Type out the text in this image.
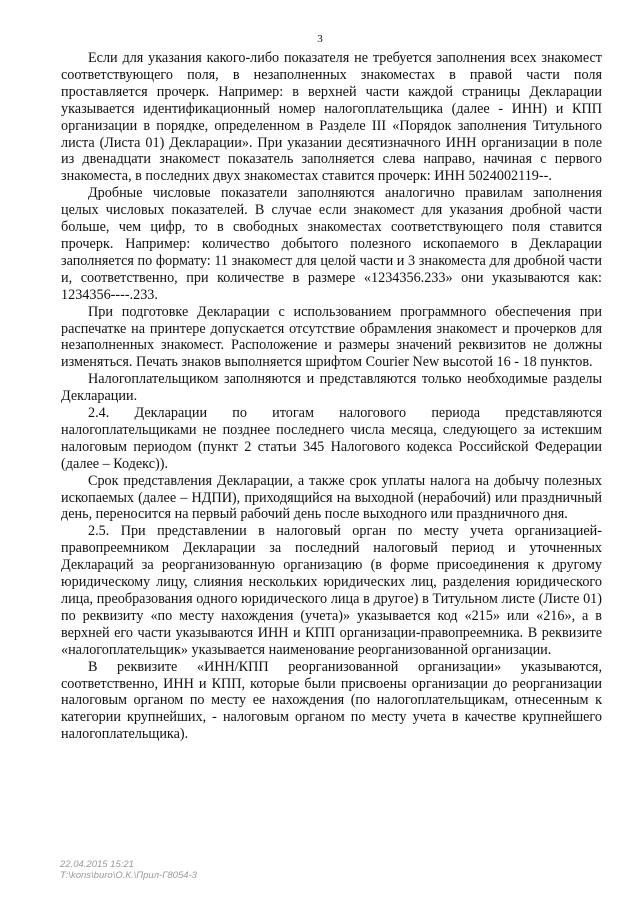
3

Если для указания какого-либо показателя не требуется заполнения всех знакомест соответствующего поля, в незаполненных знакоместах в правой части поля проставляется прочерк. Например: в верхней части каждой страницы Декларации указывается идентификационный номер налогоплательщика (далее - ИНН) и КПП организации в порядке, определенном в Разделе III «Порядок заполнения Титульного листа (Листа 01) Декларации». При указании десятизначного ИНН организации в поле из двенадцати знакомест показатель заполняется слева направо, начиная с первого знакоместа, в последних двух знакоместах ставится прочерк: ИНН 5024002119--.

Дробные числовые показатели заполняются аналогично правилам заполнения целых числовых показателей. В случае если знакомест для указания дробной части больше, чем цифр, то в свободных знакоместах соответствующего поля ставится прочерк. Например: количество добытого полезного ископаемого в Декларации заполняется по формату: 11 знакомест для целой части и 3 знакоместа для дробной части и, соответственно, при количестве в размере «1234356.233» они указываются как: 1234356----.233.

При подготовке Декларации с использованием программного обеспечения при распечатке на принтере допускается отсутствие обрамления знакомест и прочерков для незаполненных знакомест. Расположение и размеры значений реквизитов не должны изменяться. Печать знаков выполняется шрифтом Courier New высотой 16 - 18 пунктов.

Налогоплательщиком заполняются и представляются только необходимые разделы Декларации.

2.4. Декларации по итогам налогового периода представляются налогоплательщиками не позднее последнего числа месяца, следующего за истекшим налоговым периодом (пункт 2 статьи 345 Налогового кодекса Российской Федерации (далее – Кодекс)).

Срок представления Декларации, а также срок уплаты налога на добычу полезных ископаемых (далее – НДПИ), приходящийся на выходной (нерабочий) или праздничный день, переносится на первый рабочий день после выходного или праздничного дня.

2.5. При представлении в налоговый орган по месту учета организацией-правопреемником Декларации за последний налоговый период и уточненных Деклараций за реорганизованную организацию (в форме присоединения к другому юридическому лицу, слияния нескольких юридических лиц, разделения юридического лица, преобразования одного юридического лица в другое) в Титульном листе (Листе 01) по реквизиту «по месту нахождения (учета)» указывается код «215» или «216», а в верхней его части указываются ИНН и КПП организации-правопреемника. В реквизите «налогоплательщик» указывается наименование реорганизованной организации.

В реквизите «ИНН/КПП реорганизованной организации» указываются, соответственно, ИНН и КПП, которые были присвоены организации до реорганизации налоговым органом по месту ее нахождения (по налогоплательщикам, отнесенным к категории крупнейших, - налоговым органом по месту учета в качестве крупнейшего налогоплательщика).

22.04.2015 15:21
Т:\kons\buro\О.К.\Прил-Г8054-3
